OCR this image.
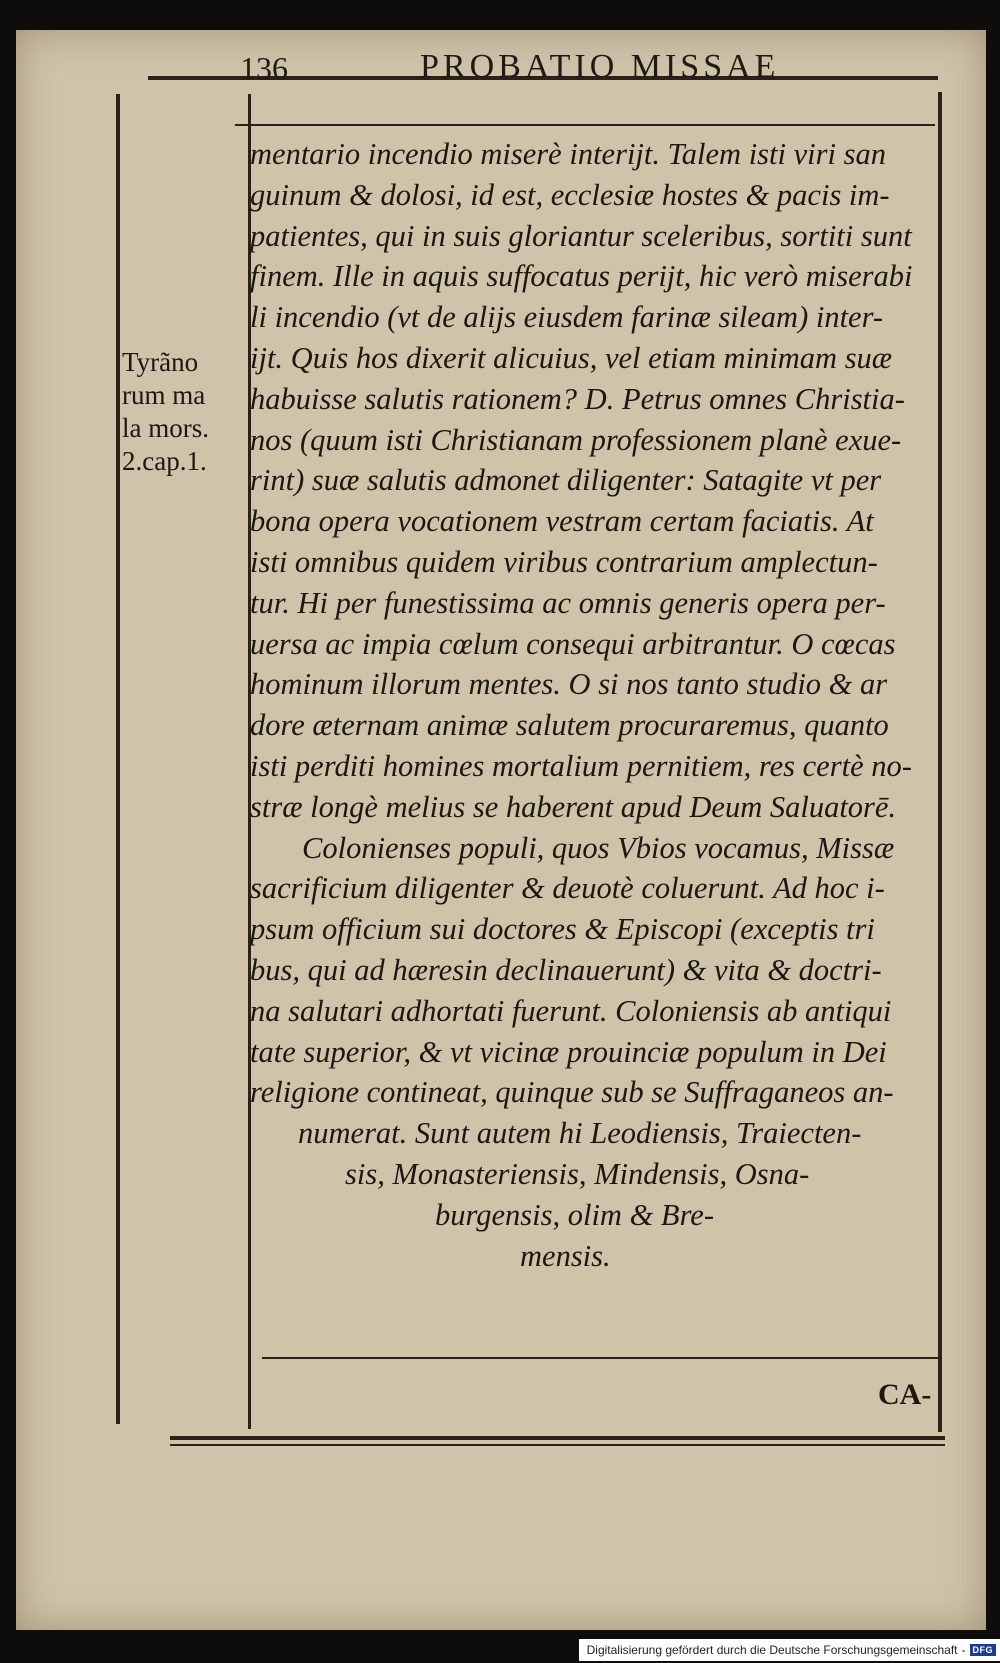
136	PROBATIO MISSAE
Tyrãno
rum ma
la mors.
2.cap.1.
mentario incendio miserè interijt. Talem isti viri san
guinum & dolosi, id est, ecclesiæ hostes & pacis im-
patientes, qui in suis gloriantur sceleribus, sortiti sunt
finem. Ille in aquis suffocatus perijt, hic verò miserabi
li incendio (vt de alijs eiusdem farinæ sileam) inter-
ijt. Quis hos dixerit alicuius, vel etiam minimam suæ
habuisse salutis rationem? D. Petrus omnes Christia-
nos (quum isti Christianam professionem planè exue-
rint) suæ salutis admonet diligenter: Satagite vt per
bona opera vocationem vestram certam faciatis. At
isti omnibus quidem viribus contrarium amplectun-
tur. Hi per funestissima ac omnis generis opera per-
uersa ac impia cœlum consequi arbitrantur. O cœcas
hominum illorum mentes. O si nos tanto studio & ar
dore æternam animæ salutem procuraremus, quanto
isti perditi homines mortalium pernitiem, res certè no-
stræ longè melius se haberent apud Deum Saluatorē.
Colonienses populi, quos Vbios vocamus, Missæ
sacrificium diligenter & deuotè coluerunt. Ad hoc i-
psum officium sui doctores & Episcopi (exceptis tri
bus, qui ad hæresin declinauerunt) & vita & doctri-
na salutari adhortati fuerunt. Coloniensis ab antiqui
tate superior, & vt vicinæ prouinciæ populum in Dei
religione contineat, quinque sub se Suffraganeos an-
numerat. Sunt autem hi Leodiensis, Traiecten-
sis, Monasteriensis, Mindensis, Osna-
burgensis, olim & Bre-
mensis.
CA-
Digitalisierung gefördert durch die Deutsche Forschungsgemeinschaft - DFG
